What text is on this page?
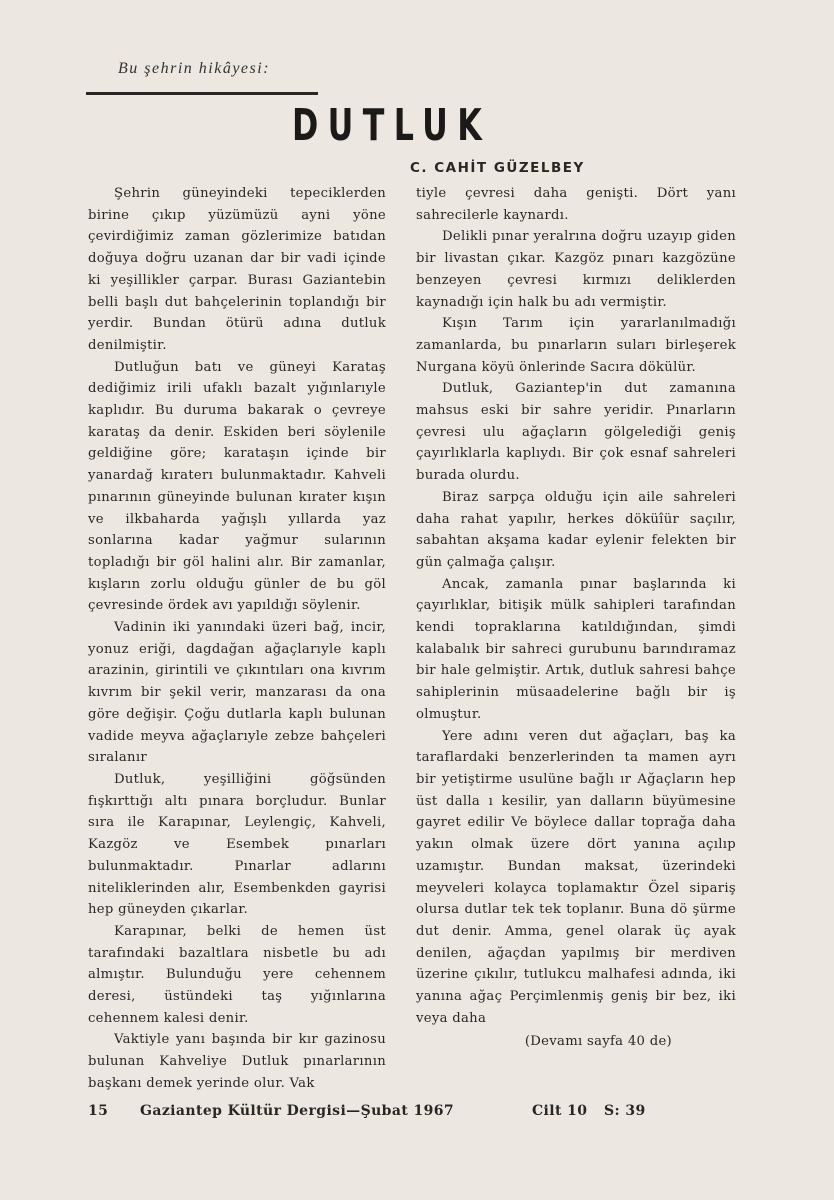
Bu şehrin hikâyesi:
DUTLUK
C. CAHİT GÜZELBEY

Şehrin güneyindeki tepeciklerden birine çıkıp yüzümüzü ayni yöne çevirdiğimiz zaman gözlerimize batıdan doğuya doğru uzanan dar bir vadi içinde ki yeşillikler çarpar. Burası Gaziantebin belli başlı dut bahçelerinin toplandığı bir yerdir. Bundan ötürü adına dutluk denilmiştir.

Dutluğun batı ve güneyi Karataş dediğimiz irili ufaklı bazalt yığınlarıyle kaplıdır. Bu duruma bakarak o çevreye karataş da denir. Eskiden beri söylenile geldiğine göre; karataşın içinde bir yanardağ kıraterı bulunmaktadır. Kahveli pınarının güneyinde bulunan kırater kışın ve ilkbaharda yağışlı yıllarda yaz sonlarına kadar yağmur sularının topladığı bir göl halini alır. Bir zamanlar, kışların zorlu olduğu günler de bu göl çevresinde ördek avı yapıldığı söylenir.

Vadinin iki yanındaki üzeri bağ, incir, yonuz eriği, dagdağan ağaçlarıyle kaplı arazinin, girintili ve çıkıntıları ona kıvrım kıvrım bir şekil verir, manzarası da ona göre değişir. Çoğu dutlarla kaplı bulunan vadide meyva ağaçlarıyle zebze bahçeleri sıralanır

Dutluk, yeşilliğini göğsünden fışkırttığı altı pınara borçludur. Bunlar sıra ile Karapınar, Leylengiç, Kahveli, Kazgöz ve Esembek pınarları bulunmaktadır. Pınarlar adlarını niteliklerinden alır, Esembenkden gayrisi hep güneyden çıkarlar.

Karapınar, belki de hemen üst tarafındaki bazaltlara nisbetle bu adı almıştır. Bulunduğu yere cehennem deresi, üstündeki taş yığınlarına cehennem kalesi denir.

Vaktiyle yanı başında bir kır gazinosu bulunan Kahveliye Dutluk pınarlarının başkanı demek yerinde olur. Vak

tiyle çevresi daha genişti. Dört yanı sahrecilerle kaynardı.

Delikli pınar yeralrına doğru uzayıp giden bir livastan çıkar. Kazgöz pınarı kazgözüne benzeyen çevresi kırmızı deliklerden kaynadığı için halk bu adı vermiştir.

Kışın Tarım için yararlanılmadığı zamanlarda, bu pınarların suları birleşerek Nurgana köyü önlerinde Sacıra dökülür.

Dutluk, Gaziantep'in dut zamanına mahsus eski bir sahre yeridir. Pınarların çevresi ulu ağaçların gölgelediği geniş çayırlıklarla kaplıydı. Bir çok esnaf sahreleri burada olurdu.

Biraz sarpça olduğu için aile sahreleri daha rahat yapılır, herkes döküîür saçılır, sabahtan akşama kadar eylenir felekten bir gün çalmağa çalışır.

Ancak, zamanla pınar başlarında ki çayırlıklar, bitişik mülk sahipleri tarafından kendi topraklarına katıldığından, şimdi kalabalık bir sahreci gurubunu barındıramaz bir hale gelmiştir. Artık, dutluk sahresi bahçe sahiplerinin müsaadelerine bağlı bir iş olmuştur.

Yere adını veren dut ağaçları, baş ka taraflardaki benzerlerinden ta mamen ayrı bir yetiştirme usulüne bağlı ır Ağaçların hep üst dalla ı kesilir, yan dalların büyümesine gayret edilir Ve böylece dallar toprağa daha yakın olmak üzere dört yanına açılıp uzamıştır. Bundan maksat, üzerindeki meyveleri kolayca toplamaktır Özel sipariş olursa dutlar tek tek toplanır. Buna dö şürme dut denir. Amma, genel olarak üç ayak denilen, ağaçdan yapılmış bir merdiven üzerine çıkılır, tutlukcu malhafesi adında, iki yanına ağaç Perçimlenmiş geniş bir bez, iki veya daha

(Devamı sayfa 40 de)
15 Gaziantep Kültür Dergisi—Şubat 1967	Cilt 10 S: 39
